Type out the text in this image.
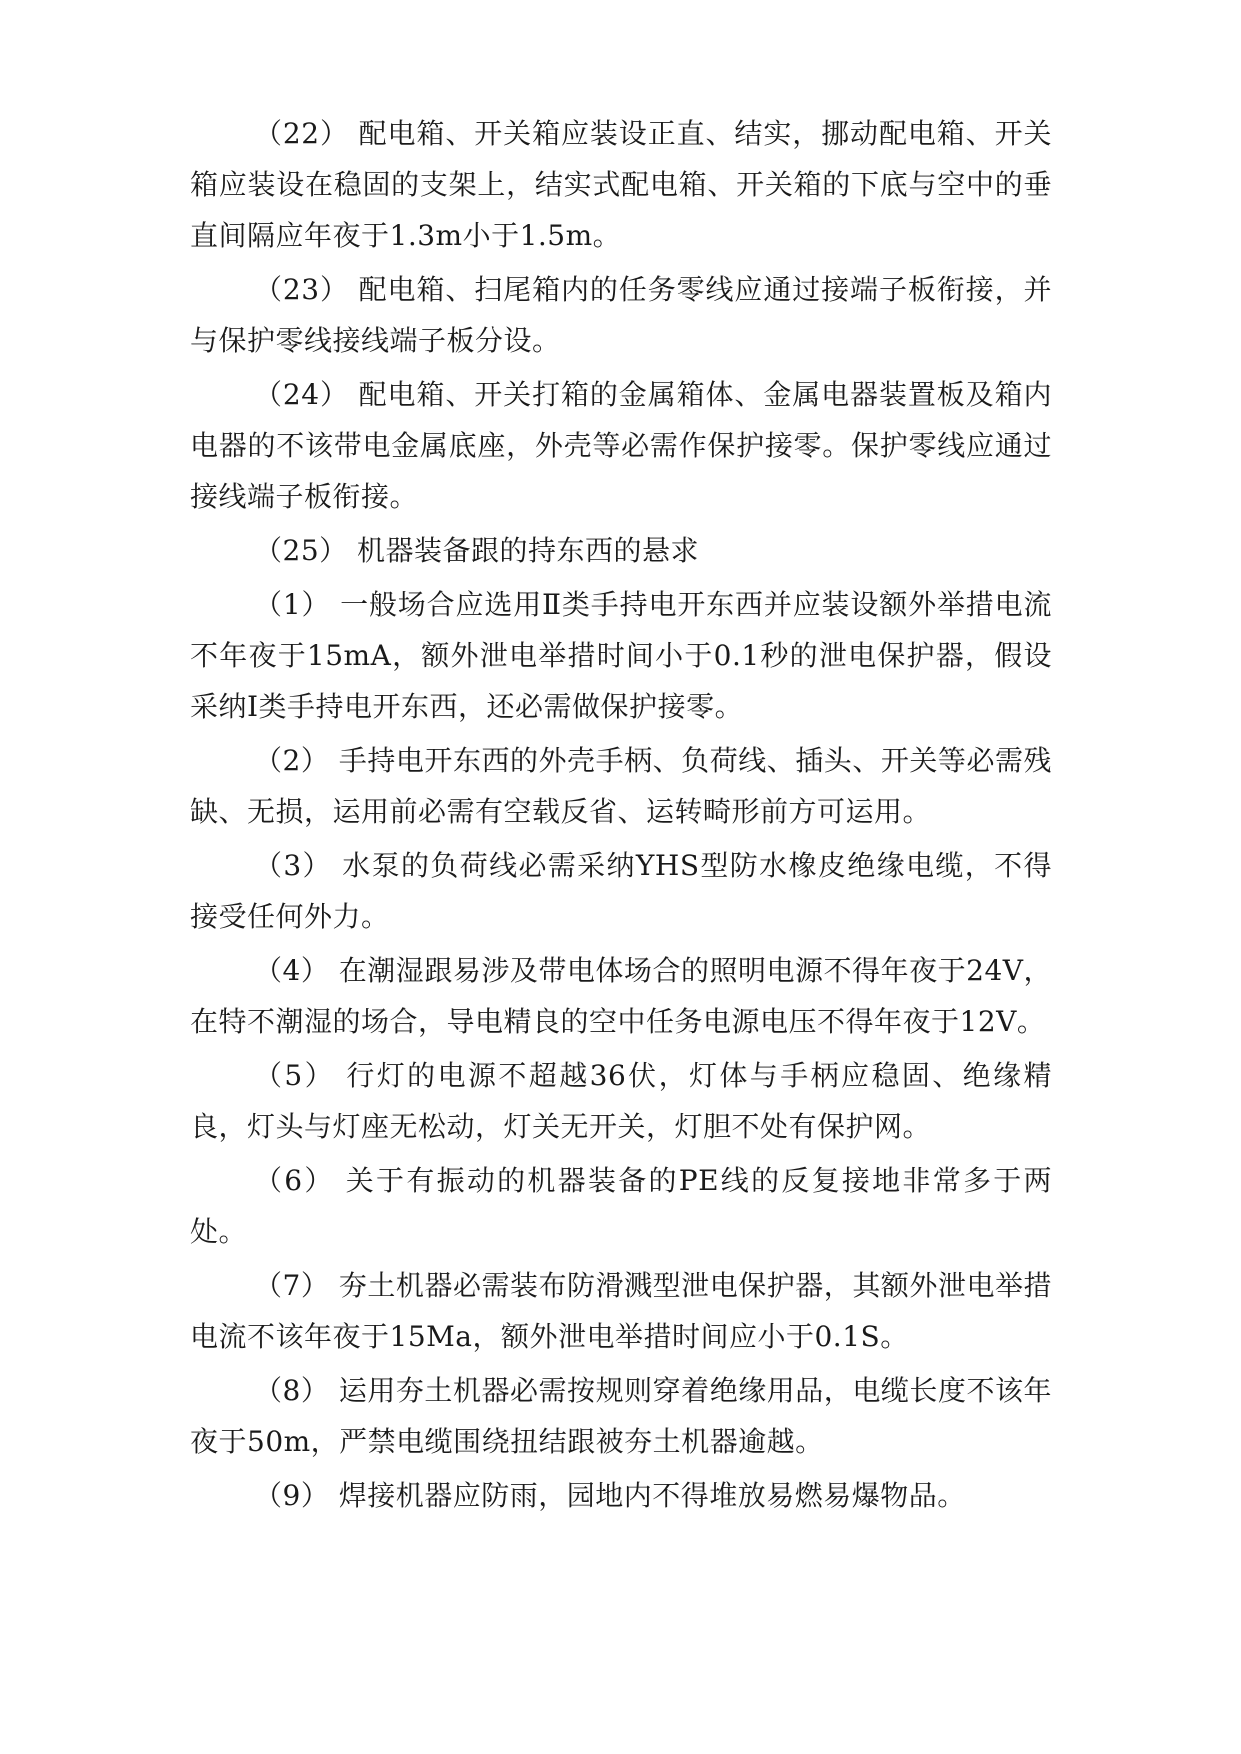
（22） 配电箱、开关箱应装设正直、结实，挪动配电箱、开关箱应装设在稳固的支架上，结实式配电箱、开关箱的下底与空中的垂直间隔应年夜于1.3m小于1.5m。

（23） 配电箱、扫尾箱内的任务零线应通过接端子板衔接，并与保护零线接线端子板分设。

（24） 配电箱、开关打箱的金属箱体、金属电器装置板及箱内电器的不该带电金属底座，外壳等必需作保护接零。保护零线应通过接线端子板衔接。

（25） 机器装备跟的持东西的悬求

（1） 一般场合应选用Ⅱ类手持电开东西并应装设额外举措电流不年夜于15mA，额外泄电举措时间小于0.1秒的泄电保护器，假设采纳I类手持电开东西，还必需做保护接零。

（2） 手持电开东西的外壳手柄、负荷线、插头、开关等必需残缺、无损，运用前必需有空载反省、运转畸形前方可运用。

（3） 水泵的负荷线必需采纳YHS型防水橡皮绝缘电缆，不得接受任何外力。

（4） 在潮湿跟易涉及带电体场合的照明电源不得年夜于24V，在特不潮湿的场合，导电精良的空中任务电源电压不得年夜于12V。

（5） 行灯的电源不超越36伏，灯体与手柄应稳固、绝缘精良，灯头与灯座无松动，灯关无开关，灯胆不处有保护网。

（6） 关于有振动的机器装备的PE线的反复接地非常多于两处。

（7） 夯土机器必需装布防滑溅型泄电保护器，其额外泄电举措电流不该年夜于15Ma，额外泄电举措时间应小于0.1S。

（8） 运用夯土机器必需按规则穿着绝缘用品，电缆长度不该年夜于50m，严禁电缆围绕扭结跟被夯土机器逾越。

（9） 焊接机器应防雨，园地内不得堆放易燃易爆物品。
